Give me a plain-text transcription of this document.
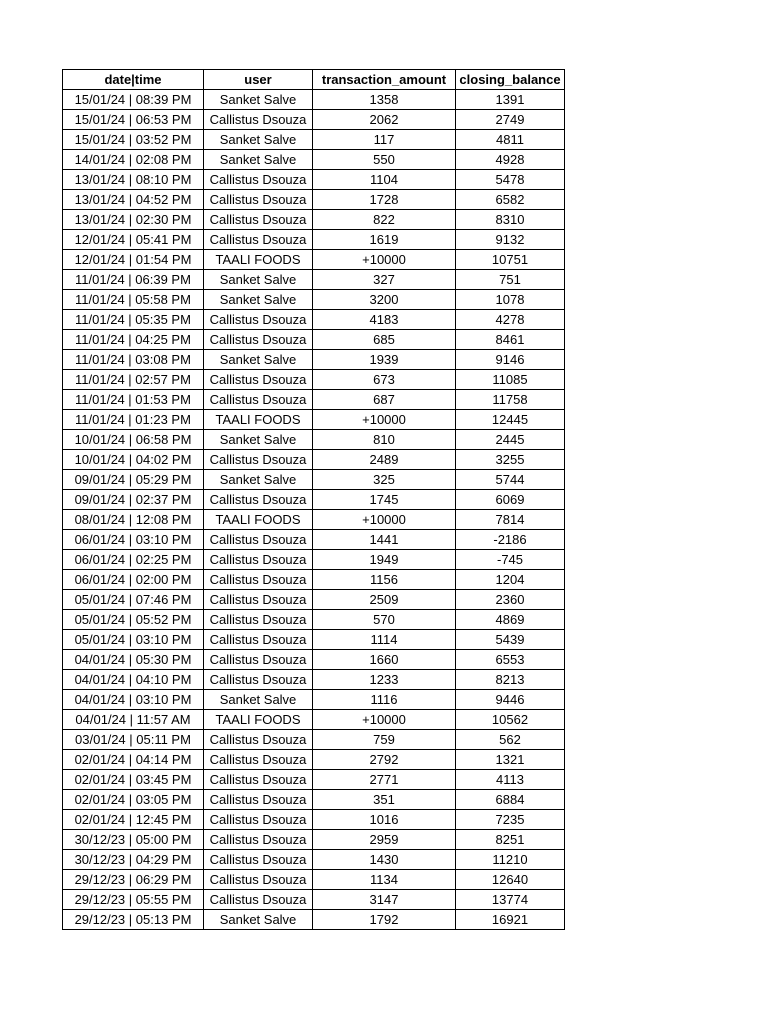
date|time	user	transaction_amount	closing_balance
15/01/24 | 08:39 PM	Sanket Salve	1358	1391
15/01/24 | 06:53 PM	Callistus Dsouza	2062	2749
15/01/24 | 03:52 PM	Sanket Salve	117	4811
14/01/24 | 02:08 PM	Sanket Salve	550	4928
13/01/24 | 08:10 PM	Callistus Dsouza	1104	5478
13/01/24 | 04:52 PM	Callistus Dsouza	1728	6582
13/01/24 | 02:30 PM	Callistus Dsouza	822	8310
12/01/24 | 05:41 PM	Callistus Dsouza	1619	9132
12/01/24 | 01:54 PM	TAALI FOODS	+10000	10751
11/01/24 | 06:39 PM	Sanket Salve	327	751
11/01/24 | 05:58 PM	Sanket Salve	3200	1078
11/01/24 | 05:35 PM	Callistus Dsouza	4183	4278
11/01/24 | 04:25 PM	Callistus Dsouza	685	8461
11/01/24 | 03:08 PM	Sanket Salve	1939	9146
11/01/24 | 02:57 PM	Callistus Dsouza	673	11085
11/01/24 | 01:53 PM	Callistus Dsouza	687	11758
11/01/24 | 01:23 PM	TAALI FOODS	+10000	12445
10/01/24 | 06:58 PM	Sanket Salve	810	2445
10/01/24 | 04:02 PM	Callistus Dsouza	2489	3255
09/01/24 | 05:29 PM	Sanket Salve	325	5744
09/01/24 | 02:37 PM	Callistus Dsouza	1745	6069
08/01/24 | 12:08 PM	TAALI FOODS	+10000	7814
06/01/24 | 03:10 PM	Callistus Dsouza	1441	-2186
06/01/24 | 02:25 PM	Callistus Dsouza	1949	-745
06/01/24 | 02:00 PM	Callistus Dsouza	1156	1204
05/01/24 | 07:46 PM	Callistus Dsouza	2509	2360
05/01/24 | 05:52 PM	Callistus Dsouza	570	4869
05/01/24 | 03:10 PM	Callistus Dsouza	1114	5439
04/01/24 | 05:30 PM	Callistus Dsouza	1660	6553
04/01/24 | 04:10 PM	Callistus Dsouza	1233	8213
04/01/24 | 03:10 PM	Sanket Salve	1116	9446
04/01/24 | 11:57 AM	TAALI FOODS	+10000	10562
03/01/24 | 05:11 PM	Callistus Dsouza	759	562
02/01/24 | 04:14 PM	Callistus Dsouza	2792	1321
02/01/24 | 03:45 PM	Callistus Dsouza	2771	4113
02/01/24 | 03:05 PM	Callistus Dsouza	351	6884
02/01/24 | 12:45 PM	Callistus Dsouza	1016	7235
30/12/23 | 05:00 PM	Callistus Dsouza	2959	8251
30/12/23 | 04:29 PM	Callistus Dsouza	1430	11210
29/12/23 | 06:29 PM	Callistus Dsouza	1134	12640
29/12/23 | 05:55 PM	Callistus Dsouza	3147	13774
29/12/23 | 05:13 PM	Sanket Salve	1792	16921
